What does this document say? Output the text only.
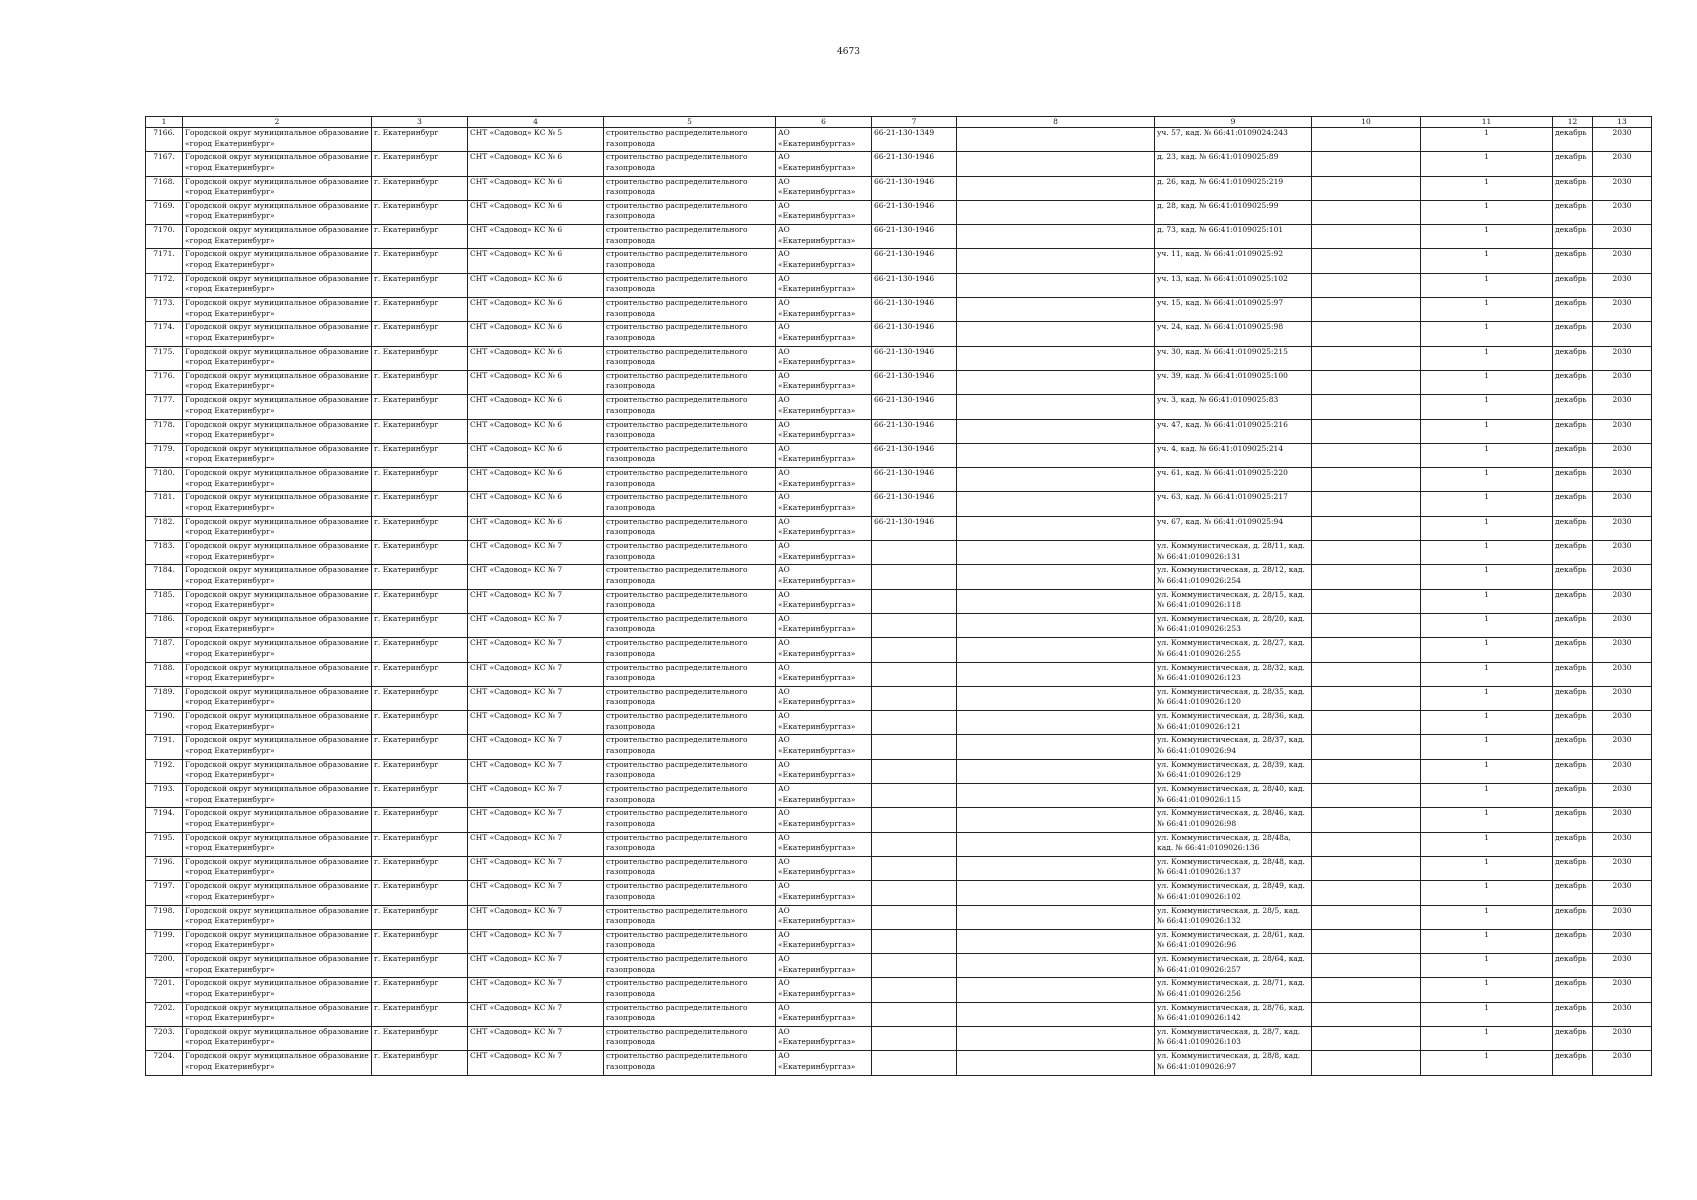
4673
1	2	3	4	5	6	7	8	9	10	11	12	13
7166.	Городской округ муниципальное образование «город Екатеринбург»	г. Екатеринбург	СНТ «Садовод» КС № 5	строительство распределительного газопровода	АО «Екатеринбурггаз»	66-21-130-1349		уч. 57, кад. № 66:41:0109024:243		1	декабрь	2030
7167.	Городской округ муниципальное образование «город Екатеринбург»	г. Екатеринбург	СНТ «Садовод» КС № 6	строительство распределительного газопровода	АО «Екатеринбурггаз»	66-21-130-1946		д. 23, кад. № 66:41:0109025:89		1	декабрь	2030
7168.	Городской округ муниципальное образование «город Екатеринбург»	г. Екатеринбург	СНТ «Садовод» КС № 6	строительство распределительного газопровода	АО «Екатеринбурггаз»	66-21-130-1946		д. 26, кад. № 66:41:0109025:219		1	декабрь	2030
7169.	Городской округ муниципальное образование «город Екатеринбург»	г. Екатеринбург	СНТ «Садовод» КС № 6	строительство распределительного газопровода	АО «Екатеринбурггаз»	66-21-130-1946		д. 28, кад. № 66:41:0109025:99		1	декабрь	2030
7170.	Городской округ муниципальное образование «город Екатеринбург»	г. Екатеринбург	СНТ «Садовод» КС № 6	строительство распределительного газопровода	АО «Екатеринбурггаз»	66-21-130-1946		д. 73, кад. № 66:41:0109025:101		1	декабрь	2030
7171.	Городской округ муниципальное образование «город Екатеринбург»	г. Екатеринбург	СНТ «Садовод» КС № 6	строительство распределительного газопровода	АО «Екатеринбурггаз»	66-21-130-1946		уч. 11, кад. № 66:41:0109025:92		1	декабрь	2030
7172.	Городской округ муниципальное образование «город Екатеринбург»	г. Екатеринбург	СНТ «Садовод» КС № 6	строительство распределительного газопровода	АО «Екатеринбурггаз»	66-21-130-1946		уч. 13, кад. № 66:41:0109025:102		1	декабрь	2030
7173.	Городской округ муниципальное образование «город Екатеринбург»	г. Екатеринбург	СНТ «Садовод» КС № 6	строительство распределительного газопровода	АО «Екатеринбурггаз»	66-21-130-1946		уч. 15, кад. № 66:41:0109025:97		1	декабрь	2030
7174.	Городской округ муниципальное образование «город Екатеринбург»	г. Екатеринбург	СНТ «Садовод» КС № 6	строительство распределительного газопровода	АО «Екатеринбурггаз»	66-21-130-1946		уч. 24, кад. № 66:41:0109025:98		1	декабрь	2030
7175.	Городской округ муниципальное образование «город Екатеринбург»	г. Екатеринбург	СНТ «Садовод» КС № 6	строительство распределительного газопровода	АО «Екатеринбурггаз»	66-21-130-1946		уч. 30, кад. № 66:41:0109025:215		1	декабрь	2030
7176.	Городской округ муниципальное образование «город Екатеринбург»	г. Екатеринбург	СНТ «Садовод» КС № 6	строительство распределительного газопровода	АО «Екатеринбурггаз»	66-21-130-1946		уч. 39, кад. № 66:41:0109025:100		1	декабрь	2030
7177.	Городской округ муниципальное образование «город Екатеринбург»	г. Екатеринбург	СНТ «Садовод» КС № 6	строительство распределительного газопровода	АО «Екатеринбурггаз»	66-21-130-1946		уч. 3, кад. № 66:41:0109025:83		1	декабрь	2030
7178.	Городской округ муниципальное образование «город Екатеринбург»	г. Екатеринбург	СНТ «Садовод» КС № 6	строительство распределительного газопровода	АО «Екатеринбурггаз»	66-21-130-1946		уч. 47, кад. № 66:41:0109025:216		1	декабрь	2030
7179.	Городской округ муниципальное образование «город Екатеринбург»	г. Екатеринбург	СНТ «Садовод» КС № 6	строительство распределительного газопровода	АО «Екатеринбурггаз»	66-21-130-1946		уч. 4, кад. № 66:41:0109025:214		1	декабрь	2030
7180.	Городской округ муниципальное образование «город Екатеринбург»	г. Екатеринбург	СНТ «Садовод» КС № 6	строительство распределительного газопровода	АО «Екатеринбурггаз»	66-21-130-1946		уч. 61, кад. № 66:41:0109025:220		1	декабрь	2030
7181.	Городской округ муниципальное образование «город Екатеринбург»	г. Екатеринбург	СНТ «Садовод» КС № 6	строительство распределительного газопровода	АО «Екатеринбурггаз»	66-21-130-1946		уч. 63, кад. № 66:41:0109025:217		1	декабрь	2030
7182.	Городской округ муниципальное образование «город Екатеринбург»	г. Екатеринбург	СНТ «Садовод» КС № 6	строительство распределительного газопровода	АО «Екатеринбурггаз»	66-21-130-1946		уч. 67, кад. № 66:41:0109025:94		1	декабрь	2030
7183.	Городской округ муниципальное образование «город Екатеринбург»	г. Екатеринбург	СНТ «Садовод» КС № 7	строительство распределительного газопровода	АО «Екатеринбурггаз»			ул. Коммунистическая, д. 28/11, кад. № 66:41:0109026:131		1	декабрь	2030
7184.	Городской округ муниципальное образование «город Екатеринбург»	г. Екатеринбург	СНТ «Садовод» КС № 7	строительство распределительного газопровода	АО «Екатеринбурггаз»			ул. Коммунистическая, д. 28/12, кад. № 66:41:0109026:254		1	декабрь	2030
7185.	Городской округ муниципальное образование «город Екатеринбург»	г. Екатеринбург	СНТ «Садовод» КС № 7	строительство распределительного газопровода	АО «Екатеринбурггаз»			ул. Коммунистическая, д. 28/15, кад. № 66:41:0109026:118		1	декабрь	2030
7186.	Городской округ муниципальное образование «город Екатеринбург»	г. Екатеринбург	СНТ «Садовод» КС № 7	строительство распределительного газопровода	АО «Екатеринбурггаз»			ул. Коммунистическая, д. 28/20, кад. № 66:41:0109026:253		1	декабрь	2030
7187.	Городской округ муниципальное образование «город Екатеринбург»	г. Екатеринбург	СНТ «Садовод» КС № 7	строительство распределительного газопровода	АО «Екатеринбурггаз»			ул. Коммунистическая, д. 28/27, кад. № 66:41:0109026:255		1	декабрь	2030
7188.	Городской округ муниципальное образование «город Екатеринбург»	г. Екатеринбург	СНТ «Садовод» КС № 7	строительство распределительного газопровода	АО «Екатеринбурггаз»			ул. Коммунистическая, д. 28/32, кад. № 66:41:0109026:123		1	декабрь	2030
7189.	Городской округ муниципальное образование «город Екатеринбург»	г. Екатеринбург	СНТ «Садовод» КС № 7	строительство распределительного газопровода	АО «Екатеринбурггаз»			ул. Коммунистическая, д. 28/35, кад. № 66:41:0109026:120		1	декабрь	2030
7190.	Городской округ муниципальное образование «город Екатеринбург»	г. Екатеринбург	СНТ «Садовод» КС № 7	строительство распределительного газопровода	АО «Екатеринбурггаз»			ул. Коммунистическая, д. 28/36, кад. № 66:41:0109026:121		1	декабрь	2030
7191.	Городской округ муниципальное образование «город Екатеринбург»	г. Екатеринбург	СНТ «Садовод» КС № 7	строительство распределительного газопровода	АО «Екатеринбурггаз»			ул. Коммунистическая, д. 28/37, кад. № 66:41:0109026:94		1	декабрь	2030
7192.	Городской округ муниципальное образование «город Екатеринбург»	г. Екатеринбург	СНТ «Садовод» КС № 7	строительство распределительного газопровода	АО «Екатеринбурггаз»			ул. Коммунистическая, д. 28/39, кад. № 66:41:0109026:129		1	декабрь	2030
7193.	Городской округ муниципальное образование «город Екатеринбург»	г. Екатеринбург	СНТ «Садовод» КС № 7	строительство распределительного газопровода	АО «Екатеринбурггаз»			ул. Коммунистическая, д. 28/40, кад. № 66:41:0109026:115		1	декабрь	2030
7194.	Городской округ муниципальное образование «город Екатеринбург»	г. Екатеринбург	СНТ «Садовод» КС № 7	строительство распределительного газопровода	АО «Екатеринбурггаз»			ул. Коммунистическая, д. 28/46, кад. № 66:41:0109026:98		1	декабрь	2030
7195.	Городской округ муниципальное образование «город Екатеринбург»	г. Екатеринбург	СНТ «Садовод» КС № 7	строительство распределительного газопровода	АО «Екатеринбурггаз»			ул. Коммунистическая, д. 28/48а, кад. № 66:41:0109026:136		1	декабрь	2030
7196.	Городской округ муниципальное образование «город Екатеринбург»	г. Екатеринбург	СНТ «Садовод» КС № 7	строительство распределительного газопровода	АО «Екатеринбурггаз»			ул. Коммунистическая, д. 28/48, кад. № 66:41:0109026:137		1	декабрь	2030
7197.	Городской округ муниципальное образование «город Екатеринбург»	г. Екатеринбург	СНТ «Садовод» КС № 7	строительство распределительного газопровода	АО «Екатеринбурггаз»			ул. Коммунистическая, д. 28/49, кад. № 66:41:0109026:102		1	декабрь	2030
7198.	Городской округ муниципальное образование «город Екатеринбург»	г. Екатеринбург	СНТ «Садовод» КС № 7	строительство распределительного газопровода	АО «Екатеринбурггаз»			ул. Коммунистическая, д. 28/5, кад. № 66:41:0109026:132		1	декабрь	2030
7199.	Городской округ муниципальное образование «город Екатеринбург»	г. Екатеринбург	СНТ «Садовод» КС № 7	строительство распределительного газопровода	АО «Екатеринбурггаз»			ул. Коммунистическая, д. 28/61, кад. № 66:41:0109026:96		1	декабрь	2030
7200.	Городской округ муниципальное образование «город Екатеринбург»	г. Екатеринбург	СНТ «Садовод» КС № 7	строительство распределительного газопровода	АО «Екатеринбурггаз»			ул. Коммунистическая, д. 28/64, кад. № 66:41:0109026:257		1	декабрь	2030
7201.	Городской округ муниципальное образование «город Екатеринбург»	г. Екатеринбург	СНТ «Садовод» КС № 7	строительство распределительного газопровода	АО «Екатеринбурггаз»			ул. Коммунистическая, д. 28/71, кад. № 66:41:0109026:256		1	декабрь	2030
7202.	Городской округ муниципальное образование «город Екатеринбург»	г. Екатеринбург	СНТ «Садовод» КС № 7	строительство распределительного газопровода	АО «Екатеринбурггаз»			ул. Коммунистическая, д. 28/76, кад. № 66:41:0109026:142		1	декабрь	2030
7203.	Городской округ муниципальное образование «город Екатеринбург»	г. Екатеринбург	СНТ «Садовод» КС № 7	строительство распределительного газопровода	АО «Екатеринбурггаз»			ул. Коммунистическая, д. 28/7, кад. № 66:41:0109026:103		1	декабрь	2030
7204.	Городской округ муниципальное образование «город Екатеринбург»	г. Екатеринбург	СНТ «Садовод» КС № 7	строительство распределительного газопровода	АО «Екатеринбурггаз»			ул. Коммунистическая, д. 28/8, кад. № 66:41:0109026:97		1	декабрь	2030
